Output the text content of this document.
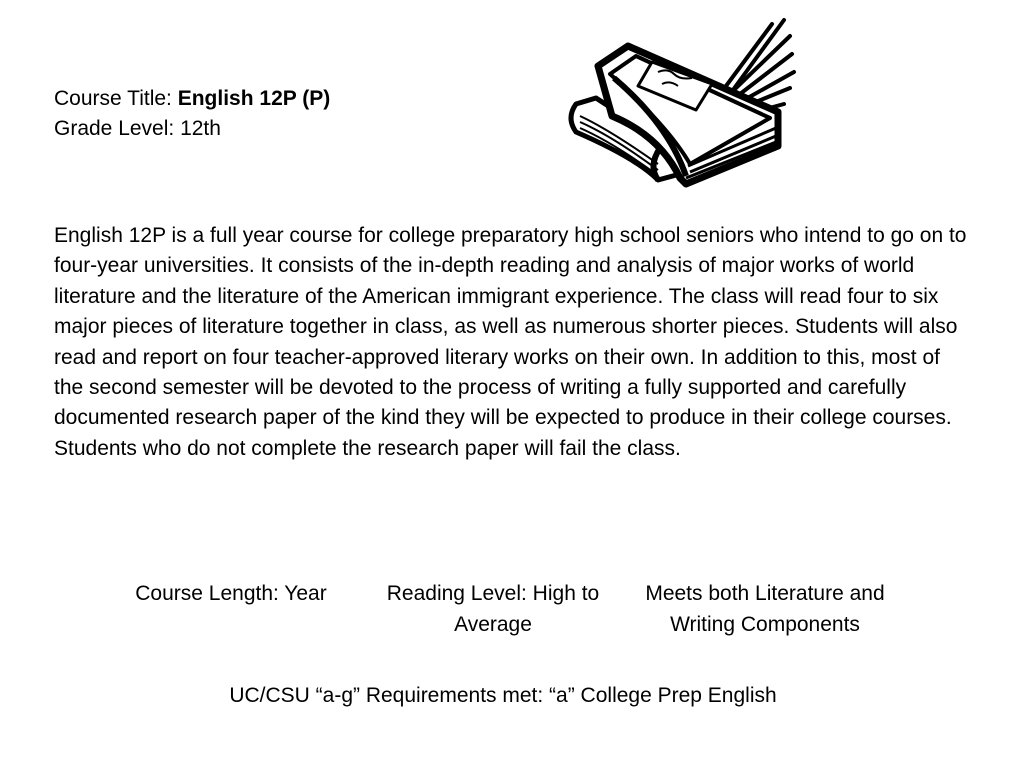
Course Title: English 12P (P)
Grade Level: 12th

English 12P is a full year course for college preparatory high school seniors who intend to go on to four-year universities. It consists of the in-depth reading and analysis of major works of world literature and the literature of the American immigrant experience. The class will read four to six major pieces of literature together in class, as well as numerous shorter pieces. Students will also read and report on four teacher-approved literary works on their own. In addition to this, most of the second semester will be devoted to the process of writing a fully supported and carefully documented research paper of the kind they will be expected to produce in their college courses. Students who do not complete the research paper will fail the class.

Course Length: Year	Reading Level: High to Average
Meets both Literature and Writing Components
UC/CSU “a-g” Requirements met: “a” College Prep English
